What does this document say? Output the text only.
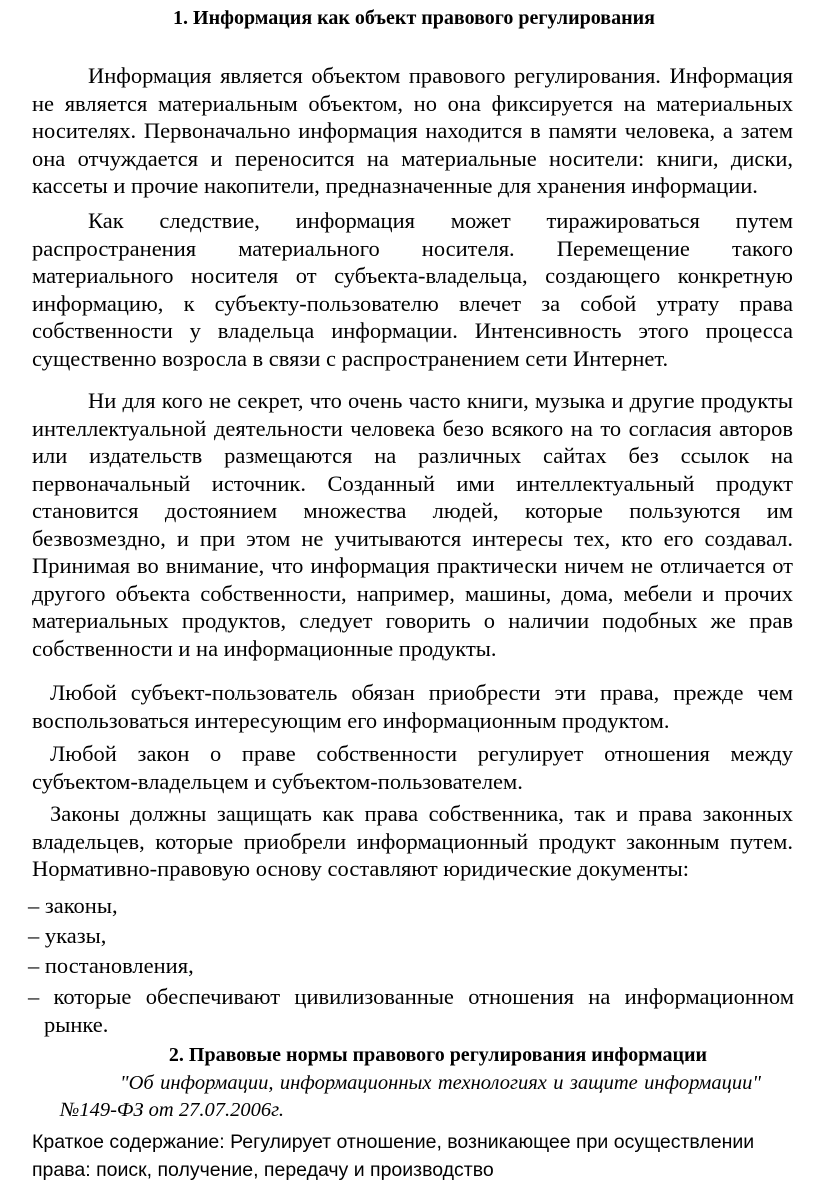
1. Информация как объект правового регулирования

Информация является объектом правового регулирования. Информация не является материальным объектом, но она фиксируется на материальных носителях. Первоначально информация находится в памяти человека, а затем она отчуждается и переносится на материальные носители: книги, диски, кассеты и прочие накопители, предназначенные для хранения информации.

Как следствие, информация может тиражироваться путем распространения материального носителя. Перемещение такого материального носителя от субъекта-владельца, создающего конкретную информацию, к субъекту-пользователю влечет за собой утрату права собственности у владельца информации. Интенсивность этого процесса существенно возросла в связи с распространением сети Интернет.

Ни для кого не секрет, что очень часто книги, музыка и другие продукты интеллектуальной деятельности человека безо всякого на то согласия авторов или издательств размещаются на различных сайтах без ссылок на первоначальный источник. Созданный ими интеллектуальный продукт становится достоянием множества людей, которые пользуются им безвозмездно, и при этом не учитываются интересы тех, кто его создавал. Принимая во внимание, что информация практически ничем не отличается от другого объекта собственности, например, машины, дома, мебели и прочих материальных продуктов, следует говорить о наличии подобных же прав собственности и на информационные продукты.

Любой субъект-пользователь обязан приобрести эти права, прежде чем воспользоваться интересующим его информационным продуктом.

Любой закон о праве собственности регулирует отношения между субъектом-владельцем и субъектом-пользователем.

Законы должны защищать как права собственника, так и права законных владельцев, которые приобрели информационный продукт законным путем. Нормативно-правовую основу составляют юридические документы:

– законы,
– указы,
– постановления,
– которые обеспечивают цивилизованные отношения на информационном рынке.
2. Правовые нормы правового регулирования информации

"Об информации, информационных технологиях и защите информации" №149-ФЗ от 27.07.2006г.

Краткое содержание: Регулирует отношение, возникающее при осуществлении права: поиск, получение, передачу и производство
